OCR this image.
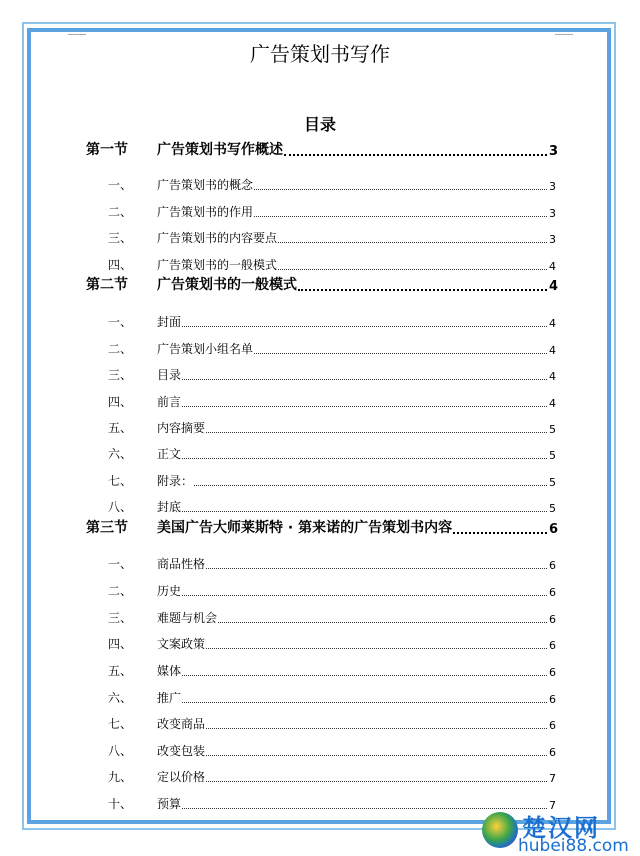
广告策划书写作
目录
第一节 广告策划书写作概述	3
一、 广告策划书的概念	3
二、 广告策划书的作用	3
三、 广告策划书的内容要点	3
四、 广告策划书的一般模式	4
第二节 广告策划书的一般模式	4
一、 封面	4
二、 广告策划小组名单	4
三、 目录	4
四、 前言	4
五、 内容摘要	5
六、 正文	5
七、 附录：	5
八、 封底	5
第三节 美国广告大师莱斯特 · 第来诺的广告策划书内容	6
一、 商品性格	6
二、 历史	6
三、 难题与机会	6
四、 文案政策	6
五、 媒体	6
六、 推广	6
七、 改变商品	6
八、 改变包装	6
九、 定以价格	7
十、 预算	7
楚汉网
hubei88.com
